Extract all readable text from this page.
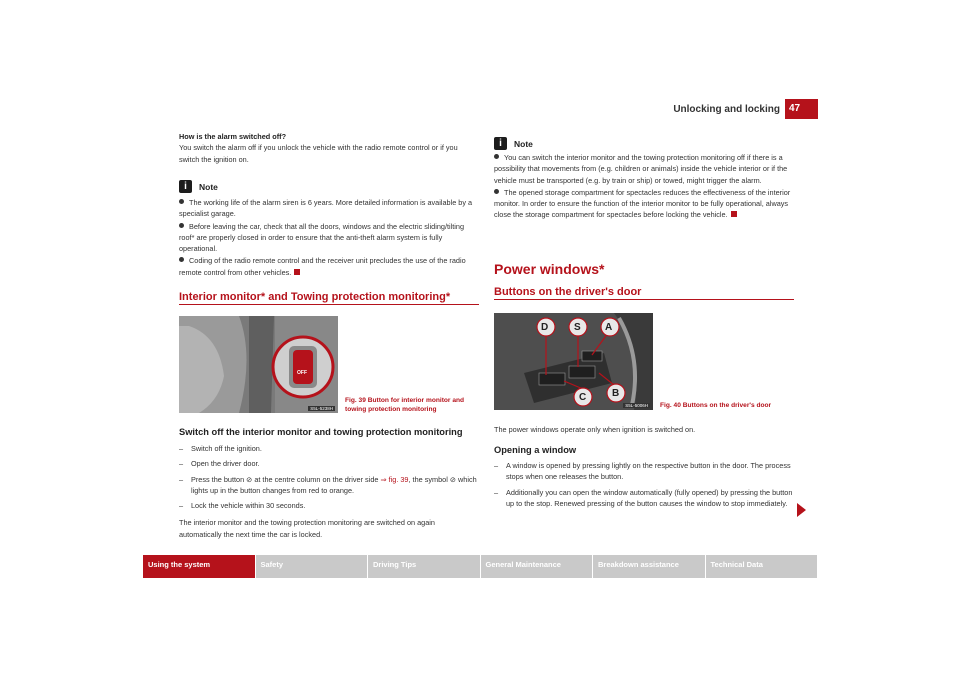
Unlocking and locking 47

How is the alarm switched off?

You switch the alarm off if you unlock the vehicle with the radio remote control or if you switch the ignition on.

i	Note

The working life of the alarm siren is 6 years. More detailed information is available by a specialist garage.

Before leaving the car, check that all the doors, windows and the electric sliding/tilting roof* are properly closed in order to ensure that the anti-theft alarm system is fully operational.

Coding of the radio remote control and the receiver unit precludes the use of the radio remote control from other vehicles.

Interior monitor* and Towing protection monitoring*
OFF
S5L-5238H
Fig. 39 Button for interior monitor and towing protection monitoring
Switch off the interior monitor and towing protection monitoring
–	Switch off the ignition.
–	Open the driver door.
–	Press the button ⊘ at the centre column on the driver side ⇒ fig. 39, the symbol ⊘ which lights up in the button changes from red to orange.
–	Lock the vehicle within 30 seconds.

The interior monitor and the towing protection monitoring are switched on again automatically the next time the car is locked.

i	Note

You can switch the interior monitor and the towing protection monitoring off if there is a possibility that movements from (e.g. children or animals) inside the vehicle interior or if the vehicle must be transported (e.g. by train or ship) or towed, might trigger the alarm.

The opened storage compartment for spectacles reduces the effectiveness of the interior monitor. In order to ensure the function of the interior monitor to be fully operational, always close the storage compartment for spectacles before locking the vehicle.

Power windows*
Buttons on the driver's door
D	S A
C	B
S5L-5006H	Fig. 40 Buttons on the driver's door
The power windows operate only when ignition is switched on.
Opening a window
–	A window is opened by pressing lightly on the respective button in the door. The process stops when one releases the button.
–	Additionally you can open the window automatically (fully opened) by pressing the button up to the stop. Renewed pressing of the button causes the window to stop immediately.
Using the system	Safety	Driving Tips	General Maintenance	Breakdown assistance	Technical Data
